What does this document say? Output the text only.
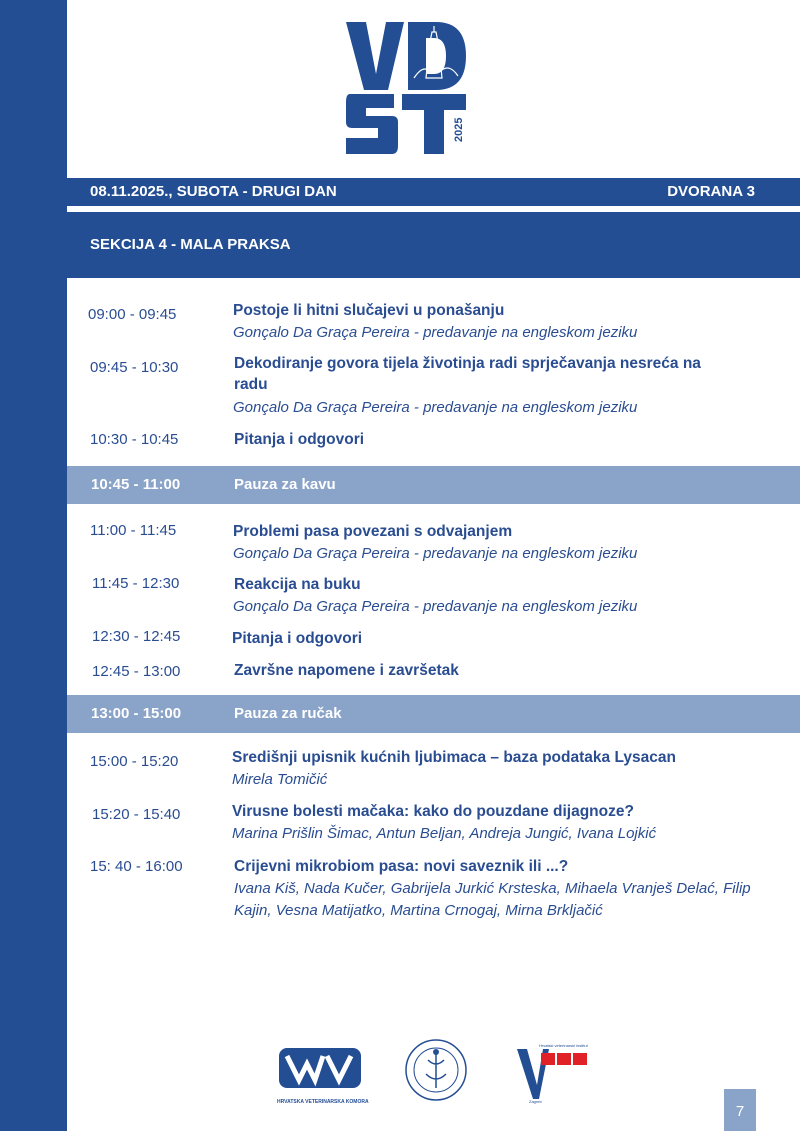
2025
08.11.2025., SUBOTA - DRUGI DAN	DVORANA 3
SEKCIJA 4 - MALA PRAKSA
09:00 - 09:45	Postoje li hitni slučajevi u ponašanju
Gonçalo Da Graça Pereira - predavanje na engleskom jeziku
09:45 - 10:30	Dekodiranje govora tijela životinja radi sprječavanja nesreća na radu
Gonçalo Da Graça Pereira - predavanje na engleskom jeziku
10:30 - 10:45	Pitanja i odgovori
10:45 - 11:00	Pauza za kavu
11:00 - 11:45	Problemi pasa povezani s odvajanjem
Gonçalo Da Graça Pereira - predavanje na engleskom jeziku
11:45 - 12:30	Reakcija na buku
Gonçalo Da Graça Pereira - predavanje na engleskom jeziku
12:30 - 12:45	Pitanja i odgovori
12:45 - 13:00	Završne napomene i završetak
13:00 - 15:00	Pauza za ručak
15:00 - 15:20	Središnji upisnik kućnih ljubimaca – baza podataka Lysacan
Mirela Tomičić
15:20 - 15:40	Virusne bolesti mačaka: kako do pouzdane dijagnoze?
Marina Prišlin Šimac, Antun Beljan, Andreja Jungić, Ivana Lojkić
15: 40 - 16:00	Crijevni mikrobiom pasa: novi saveznik ili ...?
Ivana Kiš, Nada Kučer, Gabrijela Jurkić Krsteska, Mihaela Vranješ Delać, Filip
Kajin, Vesna Matijatko, Martina Crnogaj, Mirna Brkljačić
HRVATSKA VETERINARSKA KOMORA
Hrvatski veterinarski institut
Zagreb
7
